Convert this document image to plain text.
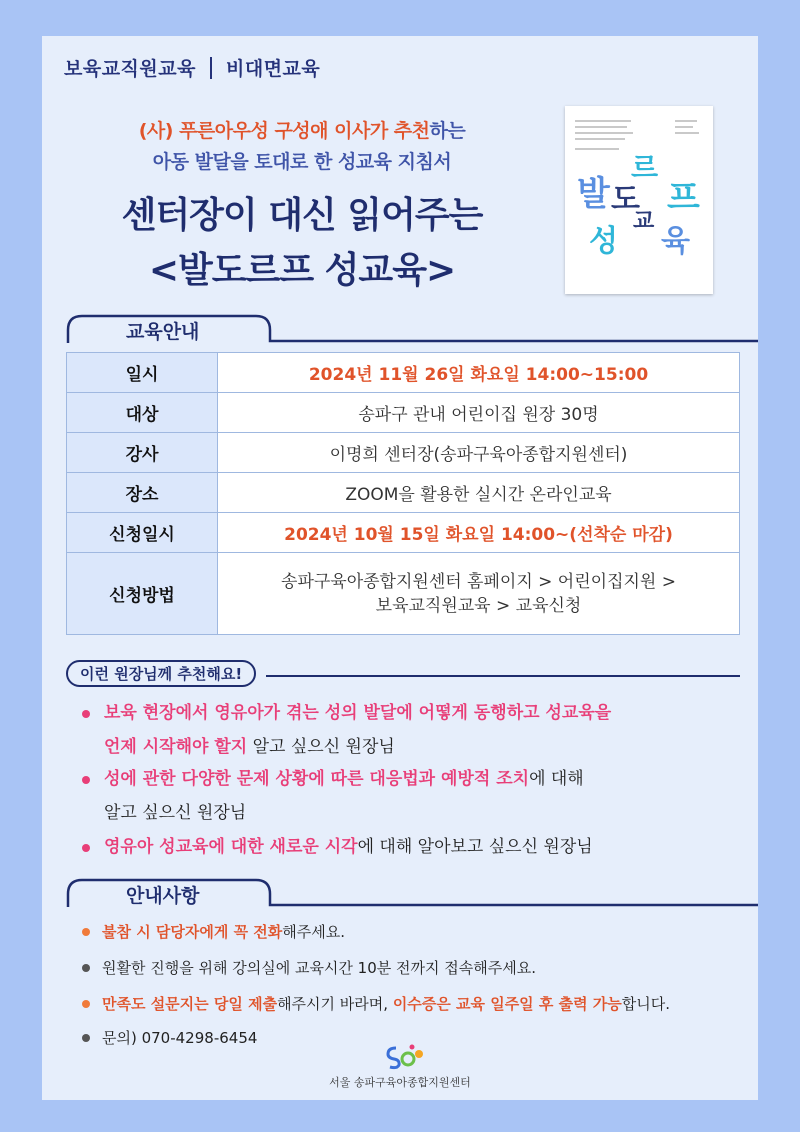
보육교직원교육 비대면교육
(사) 푸른아우성 구성애 이사가 추천하는
아동 발달을 토대로 한 성교육 지침서
센터장이 대신 읽어주는
<발도르프 성교육>
발 도
르
프
성
교
육
교육안내
일시	2024년 11월 26일 화요일 14:00~15:00
대상	송파구 관내 어린이집 원장 30명
강사	이명희 센터장(송파구육아종합지원센터)
장소	ZOOM을 활용한 실시간 온라인교육
신청일시	2024년 10월 15일 화요일 14:00~(선착순 마감)
신청방법	송파구육아종합지원센터 홈페이지 > 어린이집지원 >
보육교직원교육 > 교육신청
이런 원장님께 추천해요!
보육 현장에서 영유아가 겪는 성의 발달에 어떻게 동행하고 성교육을
언제 시작해야 할지 알고 싶으신 원장님
성에 관한 다양한 문제 상황에 따른 대응법과 예방적 조치에 대해
알고 싶으신 원장님
영유아 성교육에 대한 새로운 시각에 대해 알아보고 싶으신 원장님
안내사항
불참 시 담당자에게 꼭 전화해주세요.
원활한 진행을 위해 강의실에 교육시간 10분 전까지 접속해주세요.
만족도 설문지는 당일 제출해주시기 바라며, 이수증은 교육 일주일 후 출력 가능합니다.
문의) 070-4298-6454
서울 송파구육아종합지원센터
